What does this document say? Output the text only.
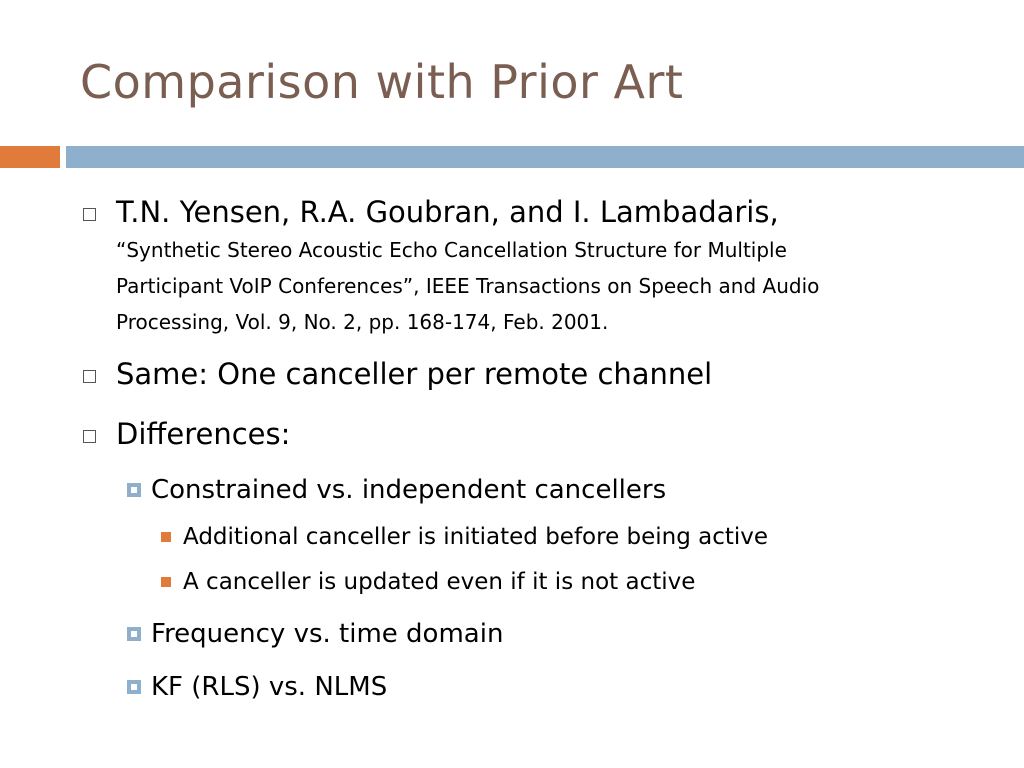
Comparison with Prior Art
T.N. Yensen, R.A. Goubran, and I. Lambadaris,
“Synthetic Stereo Acoustic Echo Cancellation Structure for Multiple
Participant VoIP Conferences”, IEEE Transactions on Speech and Audio
Processing, Vol. 9, No. 2, pp. 168-174, Feb. 2001.
Same: One canceller per remote channel
Differences:
Constrained vs. independent cancellers
Additional canceller is initiated before being active
A canceller is updated even if it is not active
Frequency vs. time domain
KF (RLS) vs. NLMS
